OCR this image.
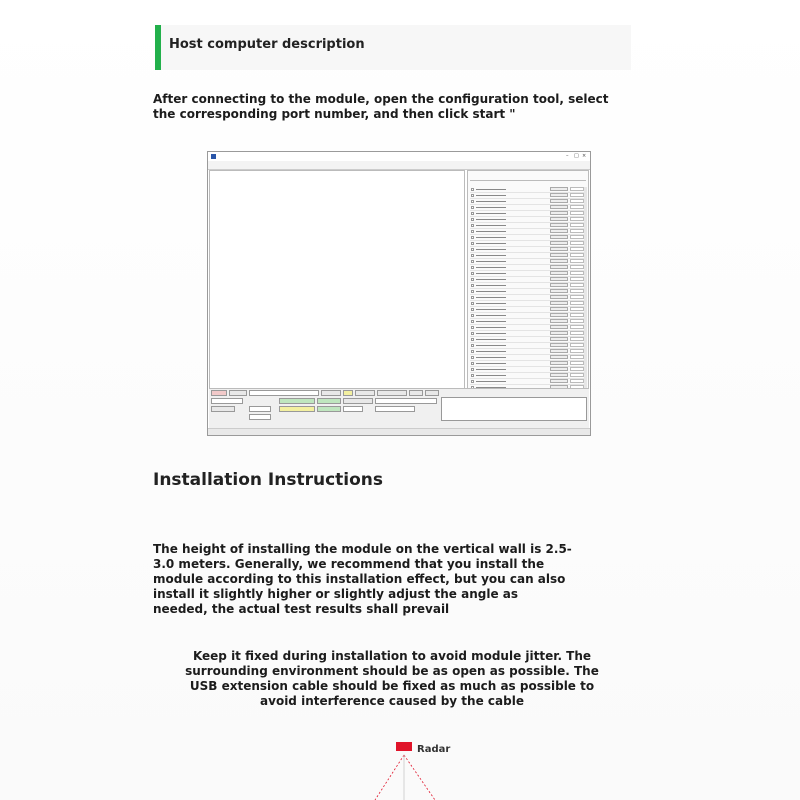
Host computer description
After connecting to the module, open the configuration tool, select the corresponding port number, and then click start "
– □ ×
Installation Instructions
The height of installing the module on the vertical wall is 2.5-3.0 meters. Generally, we recommend that you install the module according to this installation effect, but you can also install it slightly higher or slightly adjust the angle as needed, the actual test results shall prevail
Keep it fixed during installation to avoid module jitter. The surrounding environment should be as open as possible. The USB extension cable should be fixed as much as possible to avoid interference caused by the cable
Radar
